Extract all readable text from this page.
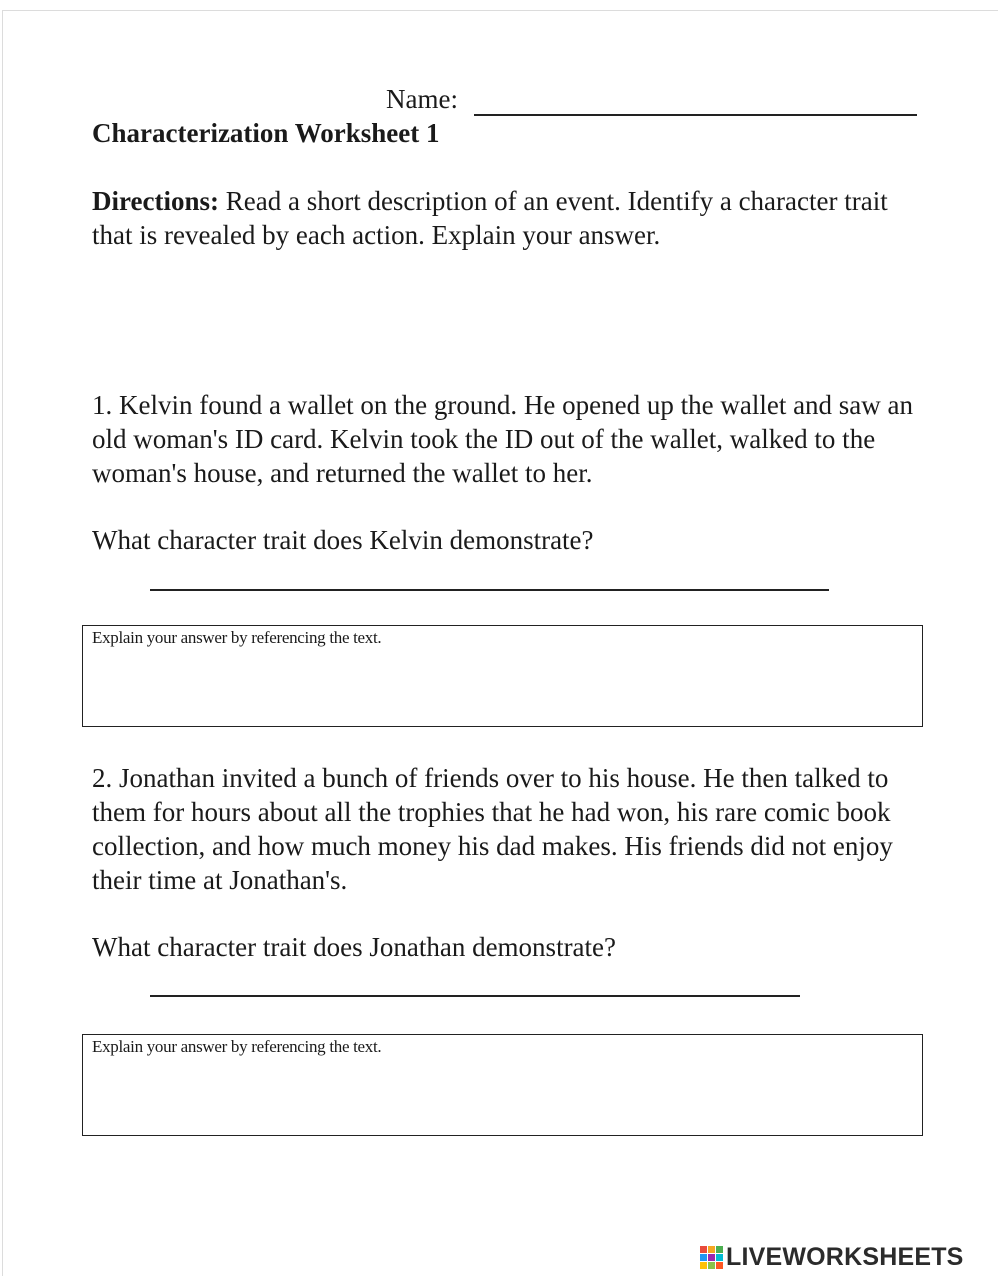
Name:
Characterization Worksheet 1

Directions: Read a short description of an event. Identify a character trait that is revealed by each action. Explain your answer.

1. Kelvin found a wallet on the ground. He opened up the wallet and saw an old woman's ID card. Kelvin took the ID out of the wallet, walked to the woman's house, and returned the wallet to her.

What character trait does Kelvin demonstrate?

Explain your answer by referencing the text.

2. Jonathan invited a bunch of friends over to his house. He then talked to them for hours about all the trophies that he had won, his rare comic book collection, and how much money his dad makes. His friends did not enjoy their time at Jonathan's.

What character trait does Jonathan demonstrate?

Explain your answer by referencing the text.
LIVEWORKSHEETS
